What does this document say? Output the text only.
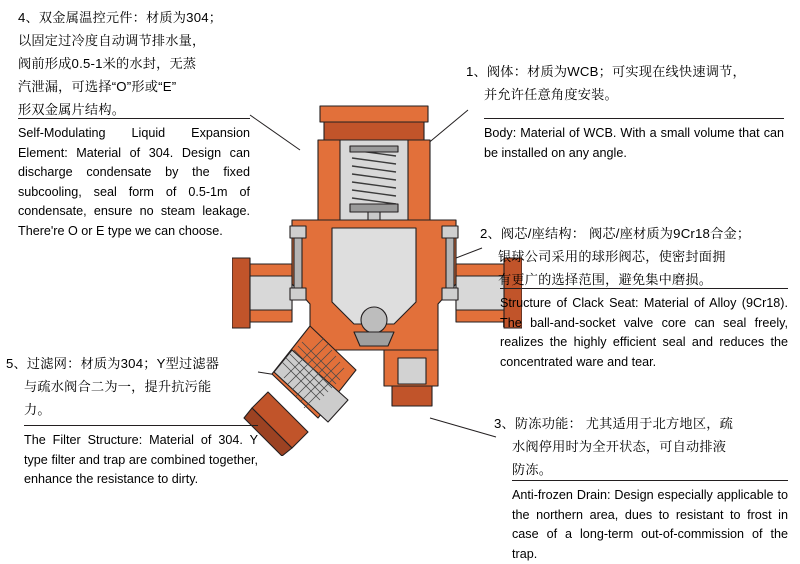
4、双金属温控元件：材质为304；
以固定过冷度自动调节排水量，
阀前形成0.5-1米的水封，无蒸
汽泄漏，可选择“O”形或“E”
形双金属片结构。
Self-Modulating Liquid Expansion Element: Material of 304. Design can discharge condensate by the fixed subcooling, seal form of 0.5-1m of condensate, ensure no steam leakage. There're O or E type we can choose.
1、阀体：材质为WCB；可实现在线快速调节，
并允许任意角度安装。
Body: Material of WCB. With a small volume that can be installed on any angle.
2、阀芯/座结构： 阀芯/座材质为9Cr18合金；
银球公司采用的球形阀芯，使密封面拥
有更广的选择范围，避免集中磨损。
Structure of Clack Seat: Material of Alloy (9Cr18). The ball-and-socket valve core can seal freely, realizes the highly efficient seal and reduces the concentrated ware and tear.
5、过滤网：材质为304；Y型过滤器
与疏水阀合二为一，提升抗污能
力。
The Filter Structure: Material of 304. Y type filter and trap are combined together, enhance the resistance to dirty.
3、防冻功能： 尤其适用于北方地区，疏
水阀停用时为全开状态，可自动排液
防冻。
Anti-frozen Drain: Design especially applicable to the northern area, dues to resistant to frost in case of a long-term out-of-commission of the trap.
